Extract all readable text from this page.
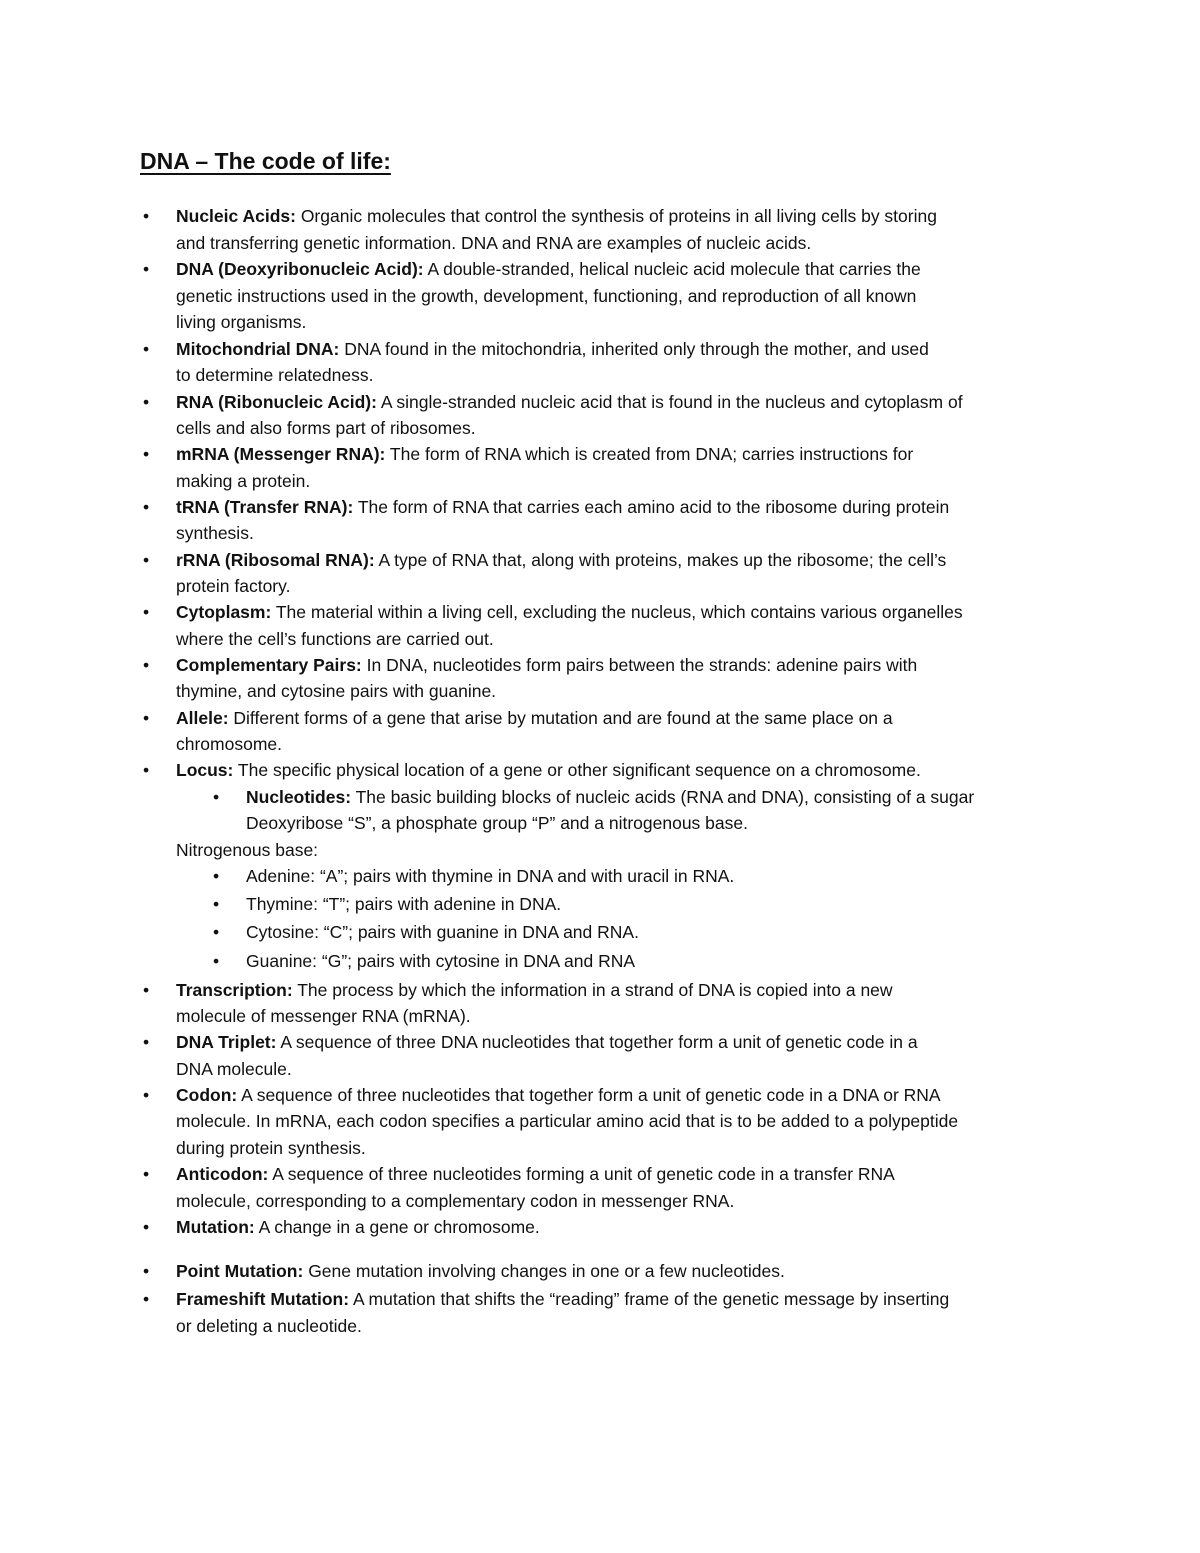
DNA – The code of life:
• Nucleic Acids: Organic molecules that control the synthesis of proteins in all living cells by storing
and transferring genetic information. DNA and RNA are examples of nucleic acids.
• DNA (Deoxyribonucleic Acid): A double-stranded, helical nucleic acid molecule that carries the
genetic instructions used in the growth, development, functioning, and reproduction of all known
living organisms.
• Mitochondrial DNA: DNA found in the mitochondria, inherited only through the mother, and used
to determine relatedness.
• RNA (Ribonucleic Acid): A single-stranded nucleic acid that is found in the nucleus and cytoplasm of
cells and also forms part of ribosomes.
• mRNA (Messenger RNA): The form of RNA which is created from DNA; carries instructions for
making a protein.
• tRNA (Transfer RNA): The form of RNA that carries each amino acid to the ribosome during protein
synthesis.
• rRNA (Ribosomal RNA): A type of RNA that, along with proteins, makes up the ribosome; the cell’s
protein factory.
• Cytoplasm: The material within a living cell, excluding the nucleus, which contains various organelles
where the cell’s functions are carried out.
• Complementary Pairs: In DNA, nucleotides form pairs between the strands: adenine pairs with
thymine, and cytosine pairs with guanine.
• Allele: Different forms of a gene that arise by mutation and are found at the same place on a
chromosome.
• Locus: The specific physical location of a gene or other significant sequence on a chromosome.
• Nucleotides: The basic building blocks of nucleic acids (RNA and DNA), consisting of a sugar
Deoxyribose “S”, a phosphate group “P” and a nitrogenous base.
Nitrogenous base:
• Adenine: “A”; pairs with thymine in DNA and with uracil in RNA.
• Thymine: “T”; pairs with adenine in DNA.
• Cytosine: “C”; pairs with guanine in DNA and RNA.
• Guanine: “G”; pairs with cytosine in DNA and RNA
• Transcription: The process by which the information in a strand of DNA is copied into a new
molecule of messenger RNA (mRNA).
• DNA Triplet: A sequence of three DNA nucleotides that together form a unit of genetic code in a
DNA molecule.
• Codon: A sequence of three nucleotides that together form a unit of genetic code in a DNA or RNA
molecule. In mRNA, each codon specifies a particular amino acid that is to be added to a polypeptide
during protein synthesis.
• Anticodon: A sequence of three nucleotides forming a unit of genetic code in a transfer RNA
molecule, corresponding to a complementary codon in messenger RNA.
• Mutation: A change in a gene or chromosome.
• Point Mutation: Gene mutation involving changes in one or a few nucleotides.
• Frameshift Mutation: A mutation that shifts the “reading” frame of the genetic message by inserting
or deleting a nucleotide.
